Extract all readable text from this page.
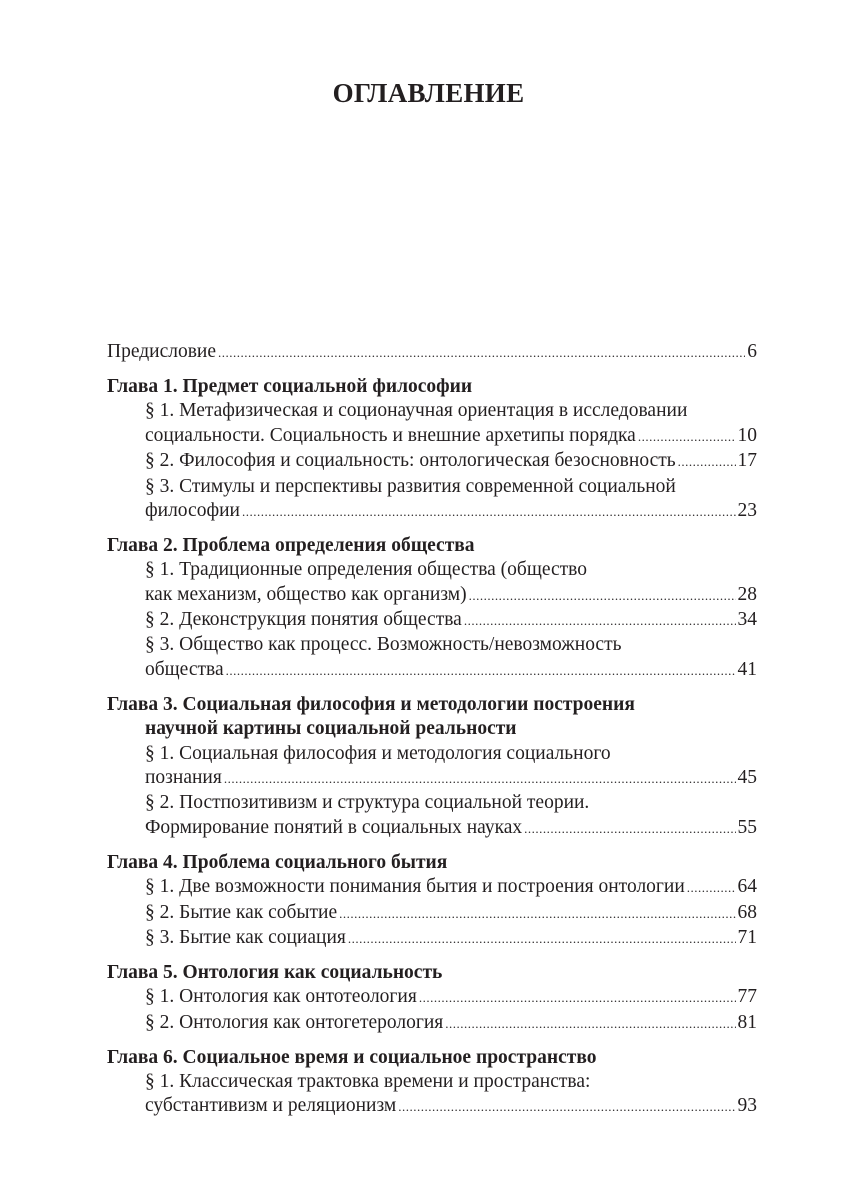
ОГЛАВЛЕНИЕ
Предисловие .....	6
Глава 1. Предмет социальной философии
§ 1. Метафизическая и соционаучная ориентация в исследовании
социальности. Социальность и внешние архетипы порядка .....	10
§ 2. Философия и социальность: онтологическая безосновность .....	17
§ 3. Стимулы и перспективы развития современной социальной
философии .....	23
Глава 2. Проблема определения общества
§ 1. Традиционные определения общества (общество
как механизм, общество как организм) .....	28
§ 2. Деконструкция понятия общества .....	34
§ 3. Общество как процесс. Возможность/невозможность
общества .....	41
Глава 3. Социальная философия и методологии построения
научной картины социальной реальности
§ 1. Социальная философия и методология социального
познания .....	45
§ 2. Постпозитивизм и структура социальной теории.
Формирование понятий в социальных науках .....	55
Глава 4. Проблема социального бытия
§ 1. Две возможности понимания бытия и построения онтологии .....	64
§ 2. Бытие как событие .....	68
§ 3. Бытие как социация .....	71
Глава 5. Онтология как социальность
§ 1. Онтология как онтотеология .....	77
§ 2. Онтология как онтогетерология .....	81
Глава 6. Социальное время и социальное пространство
§ 1. Классическая трактовка времени и пространства:
субстантивизм и реляционизм .....	93
